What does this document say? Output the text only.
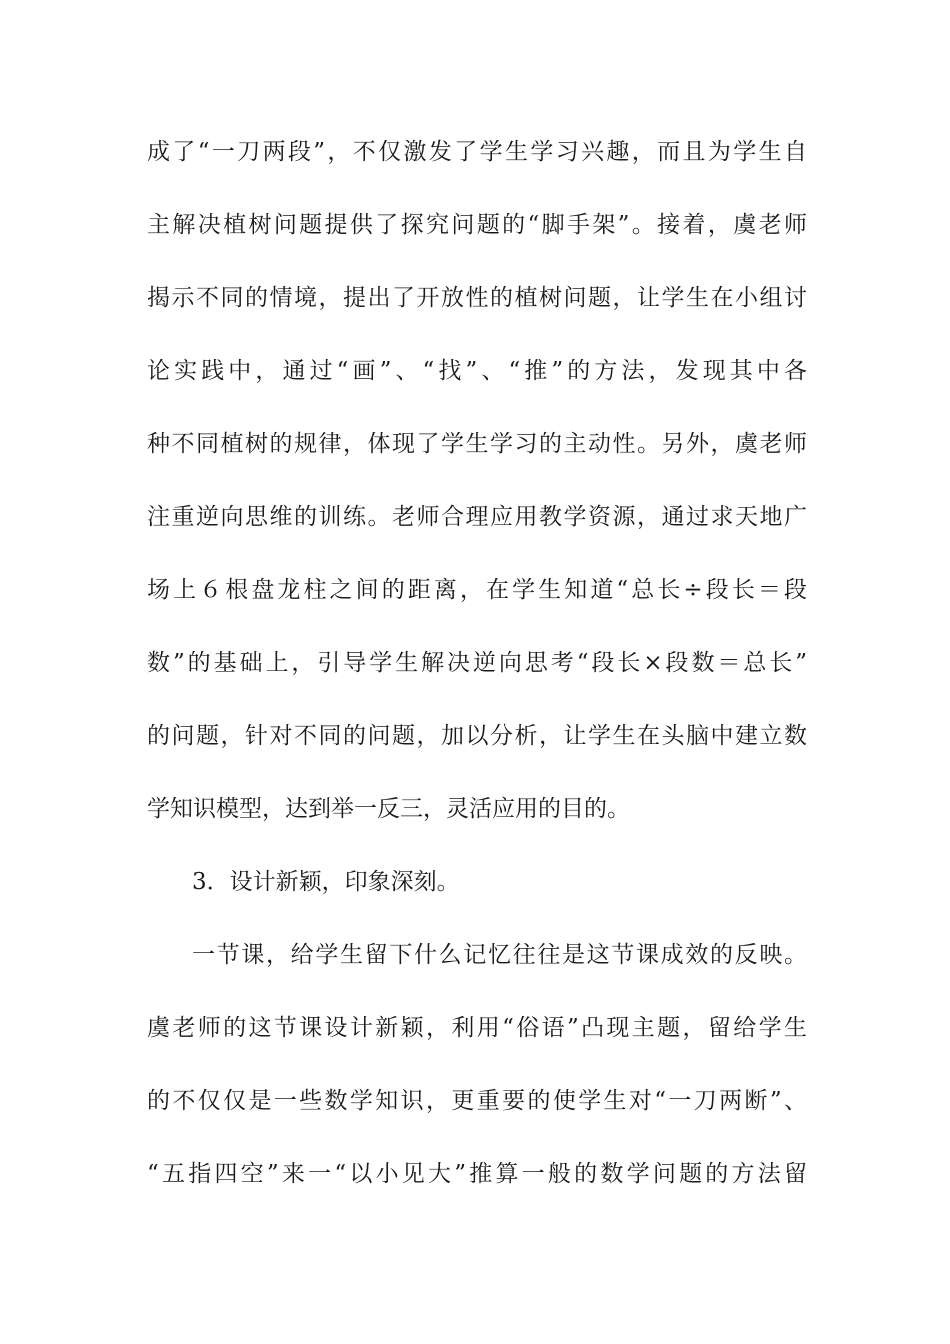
成了“一刀两段”，不仅激发了学生学习兴趣，而且为学生自
主解决植树问题提供了探究问题的“脚手架”。接着，虞老师
揭示不同的情境，提出了开放性的植树问题，让学生在小组讨
论实践中，通过“画”、“找”、“推”的方法，发现其中各
种不同植树的规律，体现了学生学习的主动性。另外，虞老师
注重逆向思维的训练。老师合理应用教学资源，通过求天地广
场上６根盘龙柱之间的距离，在学生知道“总长÷段长＝段
数”的基础上，引导学生解决逆向思考“段长×段数＝总长”
的问题，针对不同的问题，加以分析，让学生在头脑中建立数
学知识模型，达到举一反三，灵活应用的目的。
3．设计新颖，印象深刻。
一节课，给学生留下什么记忆往往是这节课成效的反映。
虞老师的这节课设计新颖，利用“俗语”凸现主题，留给学生
的不仅仅是一些数学知识，更重要的使学生对“一刀两断”、
“五指四空”来一“以小见大”推算一般的数学问题的方法留
